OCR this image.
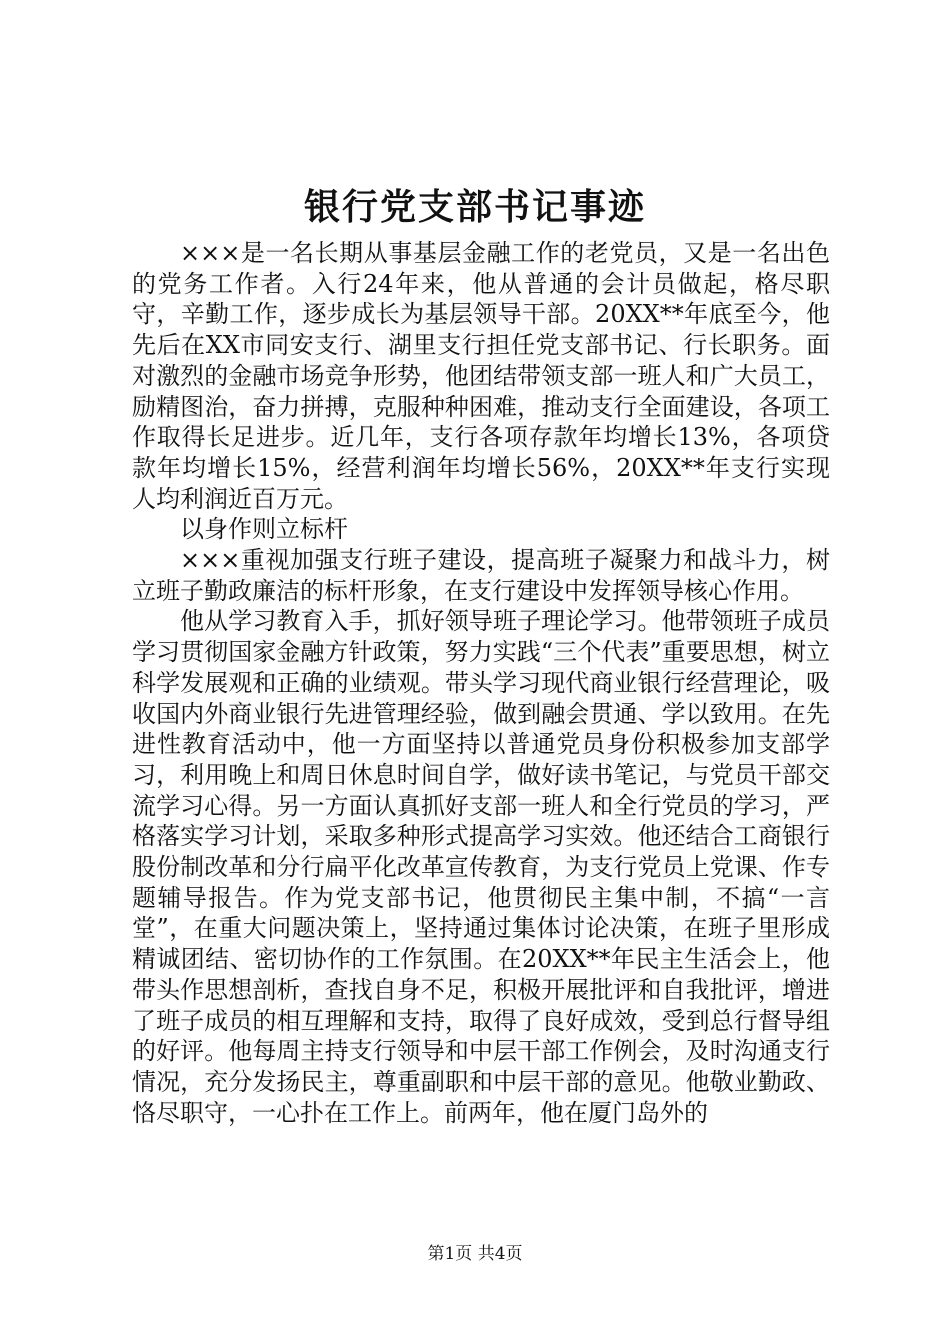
银行党支部书记事迹

×××是一名长期从事基层金融工作的老党员，又是一名出色的党务工作者。入行24年来，他从普通的会计员做起，格尽职守，辛勤工作，逐步成长为基层领导干部。20XX**年底至今，他先后在XX市同安支行、湖里支行担任党支部书记、行长职务。面对激烈的金融市场竞争形势，他团结带领支部一班人和广大员工，励精图治，奋力拼搏，克服种种困难，推动支行全面建设，各项工作取得长足进步。近几年，支行各项存款年均增长13%，各项贷款年均增长15%，经营利润年均增长56%，20XX**年支行实现人均利润近百万元。

以身作则立标杆

×××重视加强支行班子建设，提高班子凝聚力和战斗力，树立班子勤政廉洁的标杆形象，在支行建设中发挥领导核心作用。

他从学习教育入手，抓好领导班子理论学习。他带领班子成员学习贯彻国家金融方针政策，努力实践“三个代表”重要思想，树立科学发展观和正确的业绩观。带头学习现代商业银行经营理论，吸收国内外商业银行先进管理经验，做到融会贯通、学以致用。在先进性教育活动中，他一方面坚持以普通党员身份积极参加支部学习，利用晚上和周日休息时间自学，做好读书笔记，与党员干部交流学习心得。另一方面认真抓好支部一班人和全行党员的学习，严格落实学习计划，采取多种形式提高学习实效。他还结合工商银行股份制改革和分行扁平化改革宣传教育，为支行党员上党课、作专题辅导报告。作为党支部书记，他贯彻民主集中制，不搞“一言堂”，在重大问题决策上，坚持通过集体讨论决策，在班子里形成精诚团结、密切协作的工作氛围。在20XX**年民主生活会上，他带头作思想剖析，查找自身不足，积极开展批评和自我批评，增进了班子成员的相互理解和支持，取得了良好成效，受到总行督导组的好评。他每周主持支行领导和中层干部工作例会，及时沟通支行情况，充分发扬民主，尊重副职和中层干部的意见。他敬业勤政、恪尽职守，一心扑在工作上。前两年，他在厦门岛外的

第1页 共4页
